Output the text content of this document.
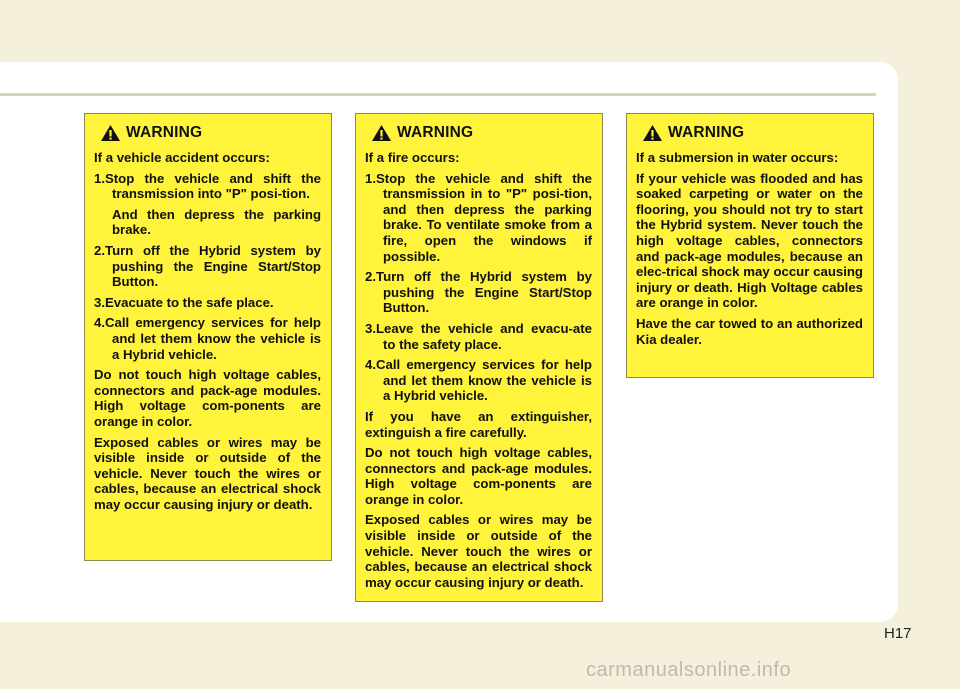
WARNING
If a vehicle accident occurs:
1.Stop the vehicle and shift the transmission into "P" posi-tion.
And then depress the parking brake.
2.Turn off the Hybrid system by pushing the Engine Start/Stop Button.
3.Evacuate to the safe place.
4.Call emergency services for help and let them know the vehicle is a Hybrid vehicle.
Do not touch high voltage cables, connectors and pack-age modules. High voltage com-ponents are orange in color.
Exposed cables or wires may be visible inside or outside of the vehicle. Never touch the wires or cables, because an electrical shock may occur causing injury or death.
WARNING
If a fire occurs:
1.Stop the vehicle and shift the transmission in to "P" posi-tion, and then depress the parking brake. To ventilate smoke from a fire, open the windows if possible.
2.Turn off the Hybrid system by pushing the Engine Start/Stop Button.
3.Leave the vehicle and evacu-ate to the safety place.
4.Call emergency services for help and let them know the vehicle is a Hybrid vehicle.
If you have an extinguisher, extinguish a fire carefully.
Do not touch high voltage cables, connectors and pack-age modules. High voltage com-ponents are orange in color.
Exposed cables or wires may be visible inside or outside of the vehicle. Never touch the wires or cables, because an electrical shock may occur causing injury or death.
WARNING
If a submersion in water occurs:
If your vehicle was flooded and has soaked carpeting or water on the flooring, you should not try to start the Hybrid system. Never touch the high voltage cables, connectors and pack-age modules, because an elec-trical shock may occur causing injury or death. High Voltage cables are orange in color.
Have the car towed to an authorized Kia dealer.
H17
carmanualsonline.info
